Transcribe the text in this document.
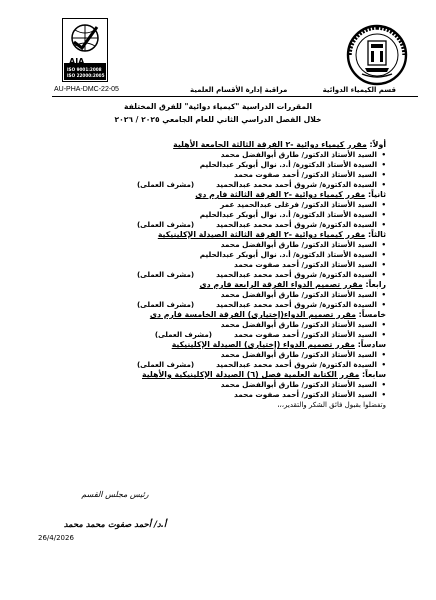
AJA
ISO 9001:2008
ISO 22000:2005
قسم الكيمياء الدوائية
مراقبة إدارة الأقسام العلمية
AU-PHA-DMC-22-05
المقررات الدراسية "كيمياء دوائية" للفرق المختلفة
خلال الفصل الدراسي الثاني للعام الجامعي ٢٠٢٥ / ٢٠٢٦
أولاً: مقرر كيمياء دوائية -٢ الفرقة الثالثة الجامعة الأهلية
•
السيد الأستاذ الدكتور/ طارق أبوالفضل محمد
•
السيدة الأستاذ الدكتورة/ أ.د. نوال أبوبكر عبدالحليم
•
السيد الأستاذ الدكتور/ أحمد صفوت محمد
•
السيدة الدكتورة/ شروق أحمد محمد عبدالحميد(مشرف العملى)
ثانياً: مقرر كيمياء دوائية -٢ الفرقة الثالثة فارم دى
•
السيد الأستاذ الدكتور/ فرغلى عبدالحميد عمر
•
السيدة الأستاذ الدكتورة/ أ.د. نوال أبوبكر عبدالحليم
•
السيدة الدكتورة/ شروق أحمد محمد عبدالحميد(مشرف العملى)
ثالثاً: مقرر كيمياء دوائية -٢ الفرقة الثالثة الصيدلة الإكلينيكية
•
السيد الأستاذ الدكتور/ طارق أبوالفضل محمد
•
السيدة الأستاذ الدكتورة/ أ.د. نوال أبوبكر عبدالحليم
•
السيد الأستاذ الدكتور/ أحمد صفوت محمد
•
السيدة الدكتورة/ شروق أحمد محمد عبدالحميد(مشرف العملى)
رابعاً: مقرر تصميم الدواء الفرقة الرابعة فارم دى
•
السيد الأستاذ الدكتور/ طارق أبوالفضل محمد
•
السيدة الدكتورة/ شروق أحمد محمد عبدالحميد(مشرف العملى)
خامساً: مقرر تصميم الدواء(إختيارى) الفرقة الخامسة فارم دى
•
السيد الأستاذ الدكتور/ طارق أبوالفضل محمد
•
السيد الأستاذ الدكتور/ أحمد صفوت محمد(مشرف العملى)
سادساً: مقرر تصميم الدواء (إختيارى) الصيدلة الإكلينيكية
•
السيد الأستاذ الدكتور/ طارق أبوالفضل محمد
•
السيدة الدكتورة/ شروق أحمد محمد عبدالحميد(مشرف العملى)
سابعاً: مقرر الكتابة العلمية فصل (٦) الصيدلة الإكلينيكية والأهلية
•
السيد الأستاذ الدكتور/ طارق أبوالفضل محمد
•
السيد الأستاذ الدكتور/ أحمد صفوت محمد
وتفضلوا بقبول فائق الشكر والتقدير،،،
رئيس مجلس القسم
أ.د/ أحمد صفوت محمد محمد
26/4/2026
